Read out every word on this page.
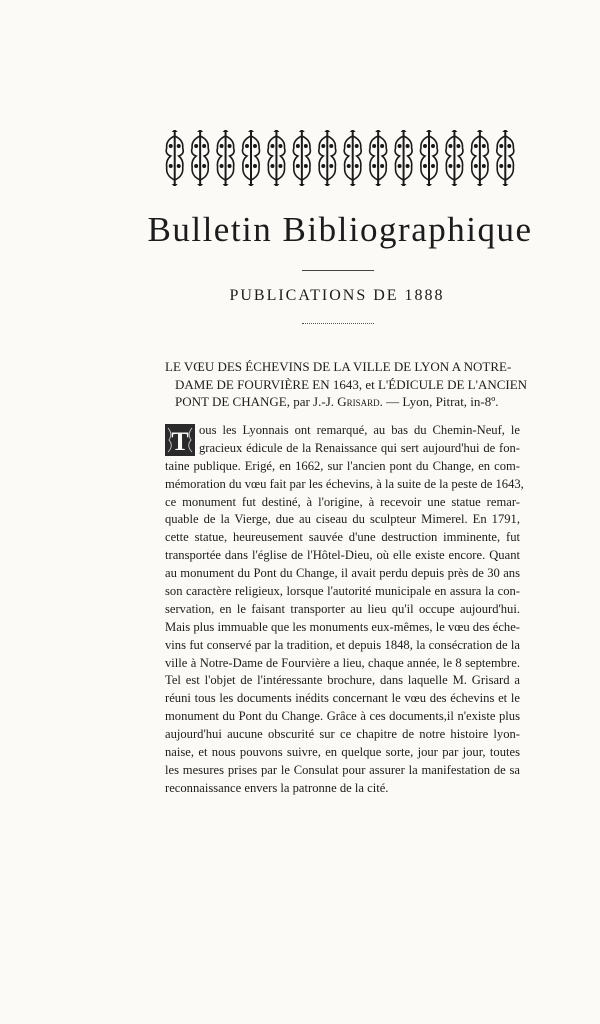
Bulletin Bibliographique
PUBLICATIONS DE 1888
LE VŒU DES ÉCHEVINS DE LA VILLE DE LYON A NOTRE-
DAME DE FOURVIÈRE EN 1643, et L'ÉDICULE DE L'ANCIEN
PONT DE CHANGE, par J.-J. Grisard. — Lyon, Pitrat, in-8º.
T ous les Lyonnais ont remarqué, au bas du Chemin-Neuf, le
gracieux édicule de la Renaissance qui sert aujourd'hui de fon-
taine publique. Erigé, en 1662, sur l'ancien pont du Change, en com-
mémoration du vœu fait par les échevins, à la suite de la peste de 1643,
ce monument fut destiné, à l'origine, à recevoir une statue remar-
quable de la Vierge, due au ciseau du sculpteur Mimerel. En 1791,
cette statue, heureusement sauvée d'une destruction imminente, fut
transportée dans l'église de l'Hôtel-Dieu, où elle existe encore. Quant
au monument du Pont du Change, il avait perdu depuis près de 30 ans
son caractère religieux, lorsque l'autorité municipale en assura la con-
servation, en le faisant transporter au lieu qu'il occupe aujourd'hui.
Mais plus immuable que les monuments eux-mêmes, le vœu des éche-
vins fut conservé par la tradition, et depuis 1848, la consécration de la
ville à Notre-Dame de Fourvière a lieu, chaque année, le 8 septembre.
Tel est l'objet de l'intéressante brochure, dans laquelle M. Grisard a
réuni tous les documents inédits concernant le vœu des échevins et le
monument du Pont du Change. Grâce à ces documents,il n'existe plus
aujourd'hui aucune obscurité sur ce chapitre de notre histoire lyon-
naise, et nous pouvons suivre, en quelque sorte, jour par jour, toutes
les mesures prises par le Consulat pour assurer la manifestation de sa
reconnaissance envers la patronne de la cité.
